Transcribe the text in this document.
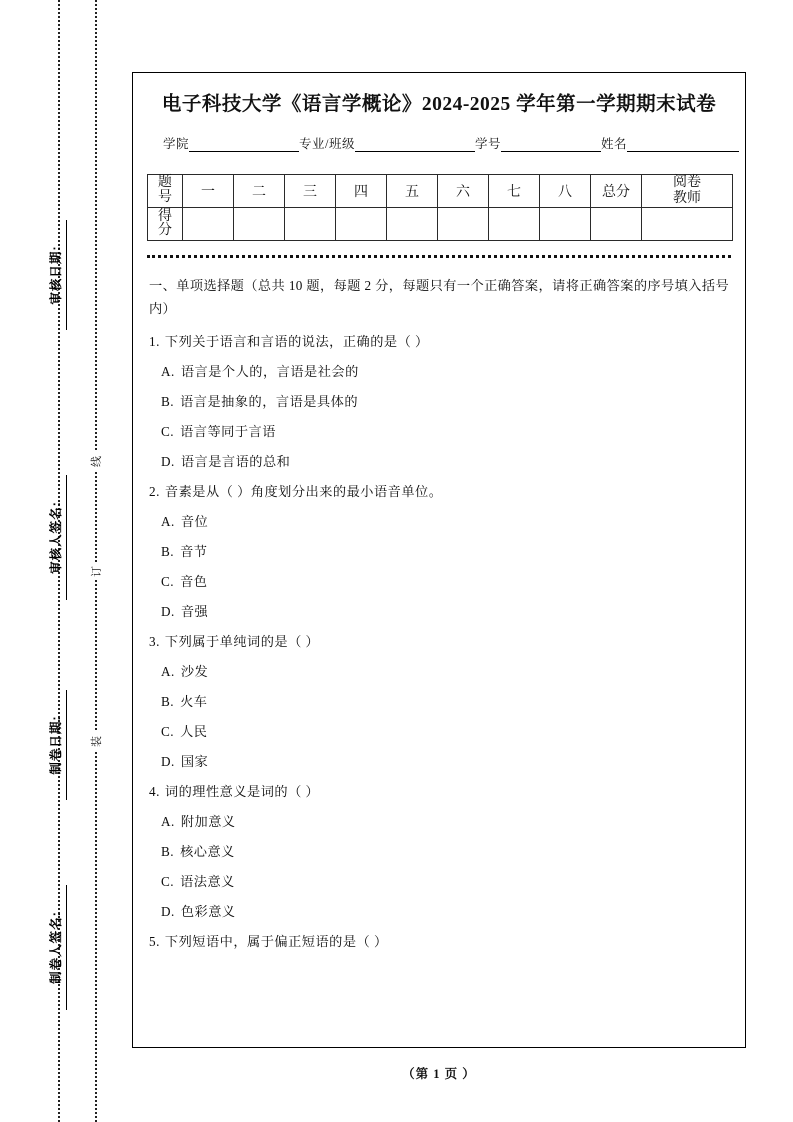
审核日期:
审核人签名:
制卷日期:
制卷人签名:
线
订
装
电子科技大学《语言学概论》2024‑2025 学年第一学期期末试卷
学院	专业/班级	学号	姓名
题
号	一	二	三	四	五	六	七	八	总分	阅卷
教师

得
分										

一、单项选择题（总共 10 题，每题 2 分，每题只有一个正确答案，请将正确答案的序号填入括号内）
1. 下列关于语言和言语的说法，正确的是（ ）
A. 语言是个人的，言语是社会的
B. 语言是抽象的，言语是具体的
C. 语言等同于言语
D. 语言是言语的总和
2. 音素是从（ ）角度划分出来的最小语音单位。
A. 音位
B. 音节
C. 音色
D. 音强
3. 下列属于单纯词的是（ ）
A. 沙发
B. 火车
C. 人民
D. 国家
4. 词的理性意义是词的（ ）
A. 附加意义
B. 核心意义
C. 语法意义
D. 色彩意义
5. 下列短语中，属于偏正短语的是（ ）
（第 1 页 ）
